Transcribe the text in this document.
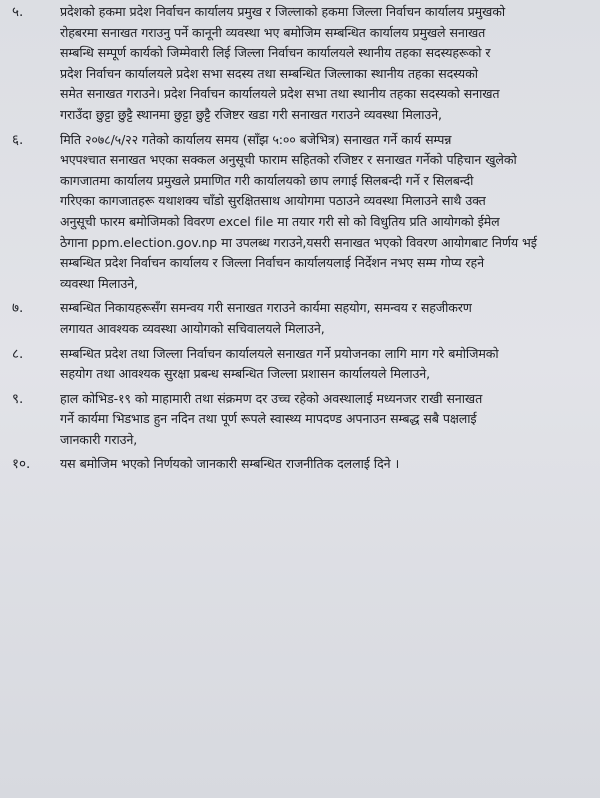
५.	प्रदेशको हकमा प्रदेश निर्वाचन कार्यालय प्रमुख र जिल्लाको हकमा जिल्ला निर्वाचन कार्यालय प्रमुखको
रोहबरमा सनाखत गराउनु पर्ने कानूनी व्यवस्था भए बमोजिम सम्बन्धित कार्यालय प्रमुखले सनाखत
सम्बन्धि सम्पूर्ण कार्यको जिम्मेवारी लिई जिल्ला निर्वाचन कार्यालयले स्थानीय तहका सदस्यहरूको र
प्रदेश निर्वाचन कार्यालयले प्रदेश सभा सदस्य तथा सम्बन्धित जिल्लाका स्थानीय तहका सदस्यको
समेत सनाखत गराउने। प्रदेश निर्वाचन कार्यालयले प्रदेश सभा तथा स्थानीय तहका सदस्यको सनाखत
गराउँदा छुट्टा छुट्टै स्थानमा छुट्टा छुट्टै रजिष्टर खडा गरी सनाखत गराउने व्यवस्था मिलाउने,
६.	मिति २०७८/५/२२ गतेको कार्यालय समय (साँझ ५:०० बजेभित्र) सनाखत गर्ने कार्य सम्पन्न
भएपश्चात सनाखत भएका सक्कल अनुसूची फाराम सहितको रजिष्टर र सनाखत गर्नेको पहिचान खुलेको
कागजातमा कार्यालय प्रमुखले प्रमाणित गरी कार्यालयको छाप लगाई सिलबन्दी गर्ने र सिलबन्दी
गरिएका कागजातहरू यथाशक्य चाँडो सुरक्षितसाथ आयोगमा पठाउने व्यवस्था मिलाउने साथै उक्त
अनुसूची फारम बमोजिमको विवरण excel file मा तयार गरी सो को विधुतिय प्रति आयोगको ईमेल
ठेगाना ppm.election.gov.np मा उपलब्ध गराउने,यसरी सनाखत भएको विवरण आयोगबाट निर्णय भई
सम्बन्धित प्रदेश निर्वाचन कार्यालय र जिल्ला निर्वाचन कार्यालयलाई निर्देशन नभए सम्म गोप्य रहने
व्यवस्था मिलाउने,
७.	सम्बन्धित निकायहरूसँग समन्वय गरी सनाखत गराउने कार्यमा सहयोग, समन्वय र सहजीकरण
लगायत आवश्यक व्यवस्था आयोगको सचिवालयले मिलाउने,
८.	सम्बन्धित प्रदेश तथा जिल्ला निर्वाचन कार्यालयले सनाखत गर्ने प्रयोजनका लागि माग गरे बमोजिमको
सहयोग तथा आवश्यक सुरक्षा प्रबन्ध सम्बन्धित जिल्ला प्रशासन कार्यालयले मिलाउने,
९.	हाल कोभिड-१९ को माहामारी तथा संक्रमण दर उच्च रहेको अवस्थालाई मध्यनजर राखी सनाखत
गर्ने कार्यमा भिडभाड हुन नदिन तथा पूर्ण रूपले स्वास्थ्य मापदण्ड अपनाउन सम्बद्ध सबै पक्षलाई
जानकारी गराउने,
१०.	यस बमोजिम भएको निर्णयको जानकारी सम्बन्धित राजनीतिक दललाई दिने ।
